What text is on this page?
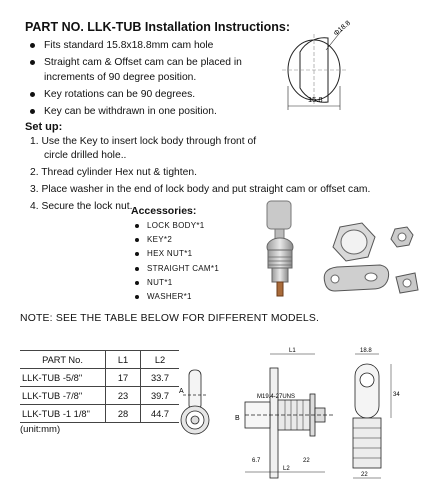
PART NO. LLK-TUB Installation Instructions:
Fits standard 15.8x18.8mm cam hole
Straight cam & Offset cam can be placed in increments of 90 degree position.
Key rotations can be 90 degrees.
Key can be withdrawn in one position.
Φ18.8
15.8
Set up:
1. Use the Key to insert lock body through front of
circle drilled hole..
2. Thread cylinder Hex nut & tighten.
3. Place washer in the end of lock body and put straight cam or offset cam.
4. Secure the lock nut.
Accessories:
LOCK BODY*1
KEY*2
HEX NUT*1
STRAIGHT CAM*1
NUT*1
WASHER*1
NOTE: SEE THE TABLE BELOW FOR DIFFERENT MODELS.
PART No.	L1	L2
LLK-TUB -5/8"	17	33.7
LLK-TUB -7/8"	23	39.7
LLK-TUB -1 1/8"	28	44.7
(unit:mm)
A
M19.4-27UNS
B
L1
L2
6.7	22
18.8
22
34
